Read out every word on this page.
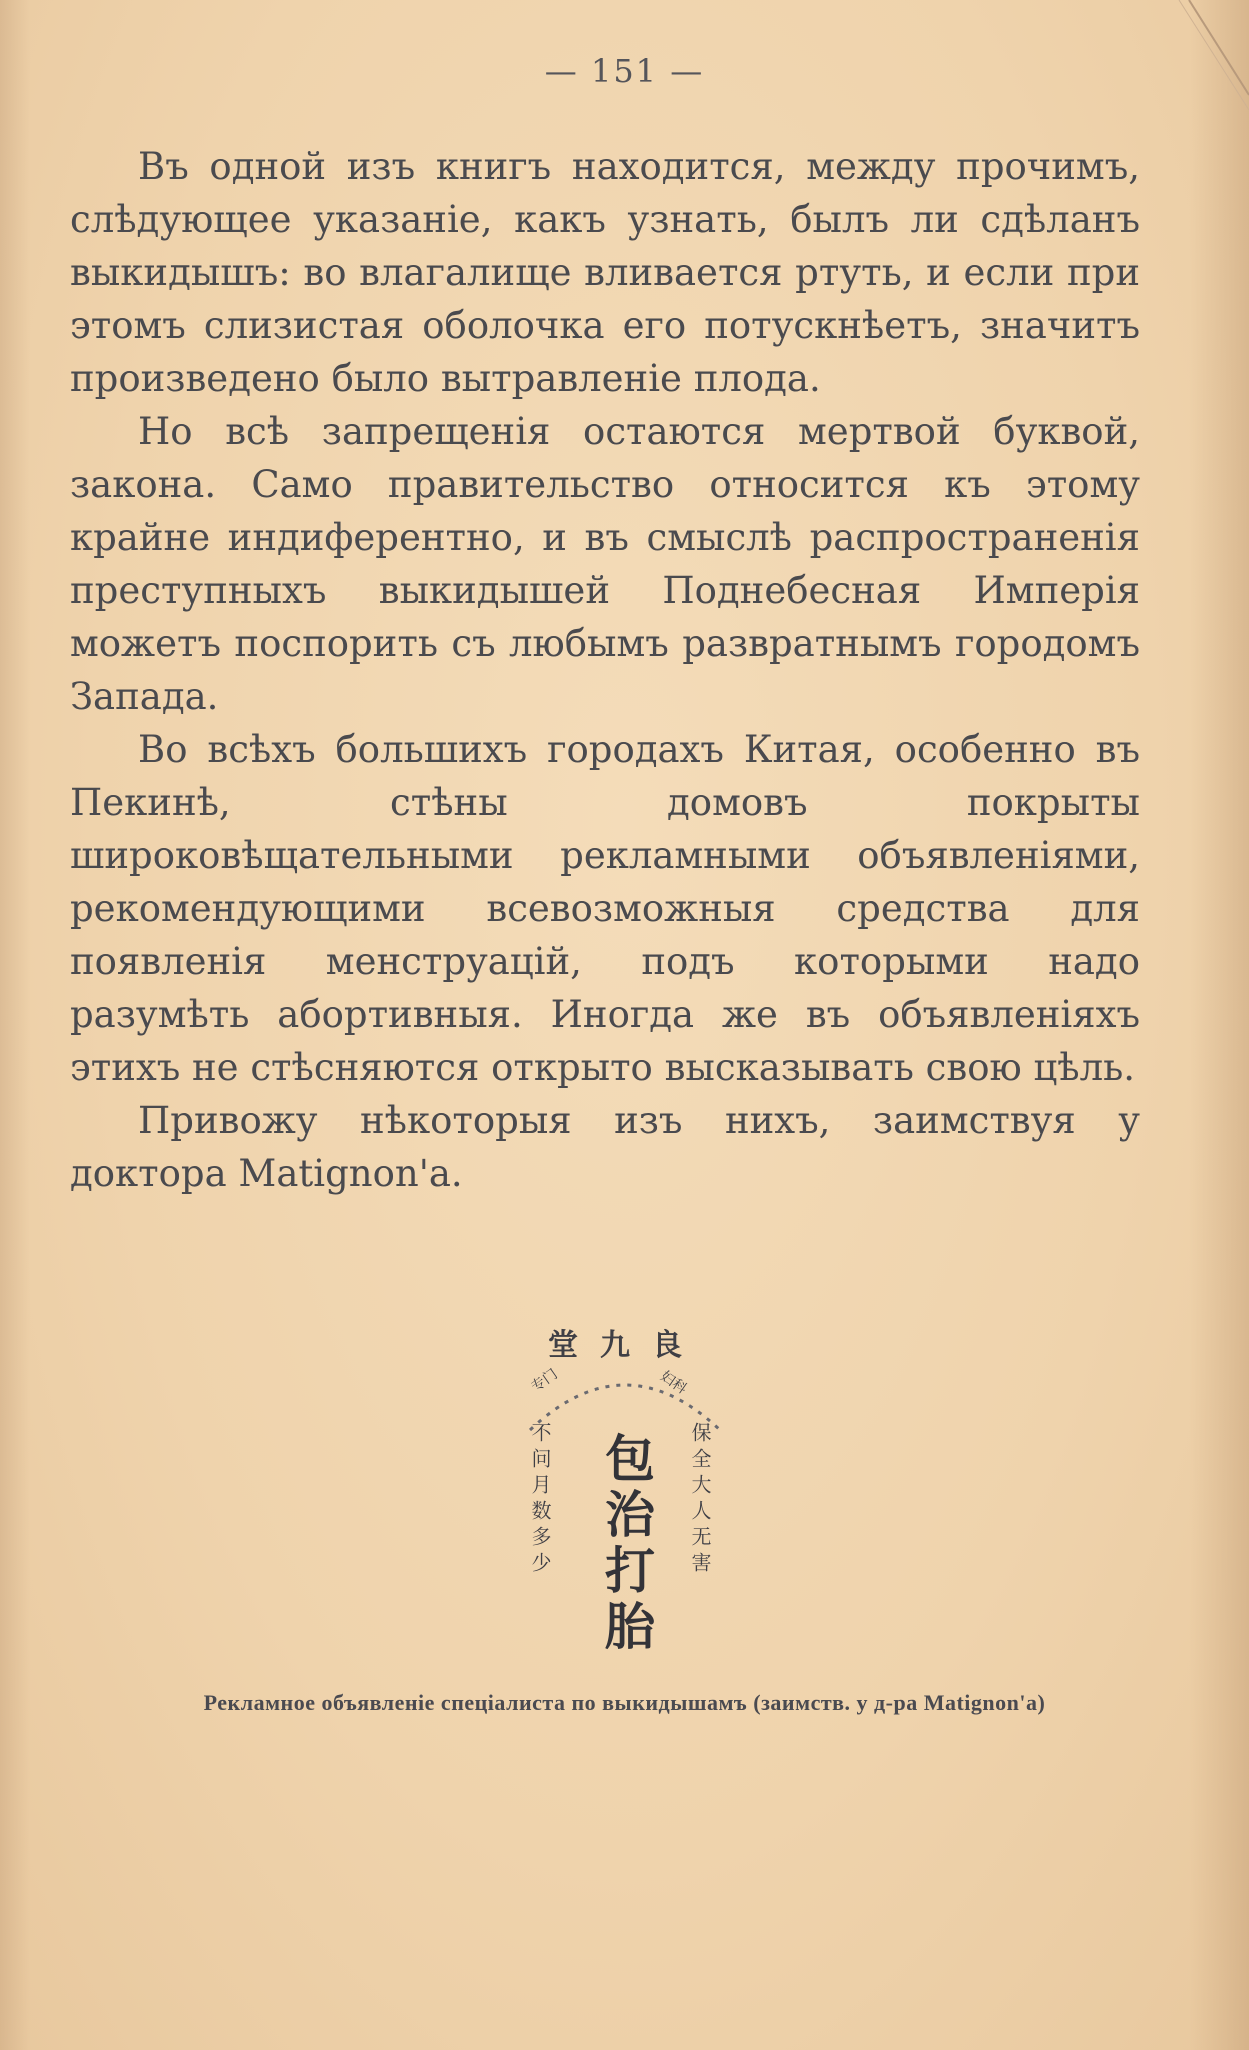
— 151 —

Въ одной изъ книгъ находится, между прочимъ, слѣдующее указанiе, какъ узнать, былъ ли сдѣланъ выкидышъ: во влагалище вливается ртуть, и если при этомъ слизистая оболочка его потускнѣетъ, значитъ произведено было вытравленiе плода.

Но всѣ запрещенiя остаются мертвой буквой, закона. Само правительство относится къ этому крайне индиферентно, и въ смыслѣ распространенiя преступныхъ выкидышей Поднебесная Имперiя можетъ поспорить съ любымъ развратнымъ городомъ Запада.

Во всѣхъ большихъ городахъ Китая, особенно въ Пекинѣ, стѣны домовъ покрыты широковѣщательными рекламными объявленiями, рекомендующими всевозможныя средства для появленiя менструацiй, подъ которыми надо разумѣть абортивныя. Иногда же въ объявленiяхъ этихъ не стѣсняются открыто высказывать свою цѣль.

Привожу нѣкоторыя изъ нихъ, заимствуя у доктора Matignon'а.

堂九良
专门	妇科
不问月数多少 包治打胎	保全大人无害
Рекламное объявленiе спецiалиста по выкидышамъ (заимств. у д-ра Matignon'а)
